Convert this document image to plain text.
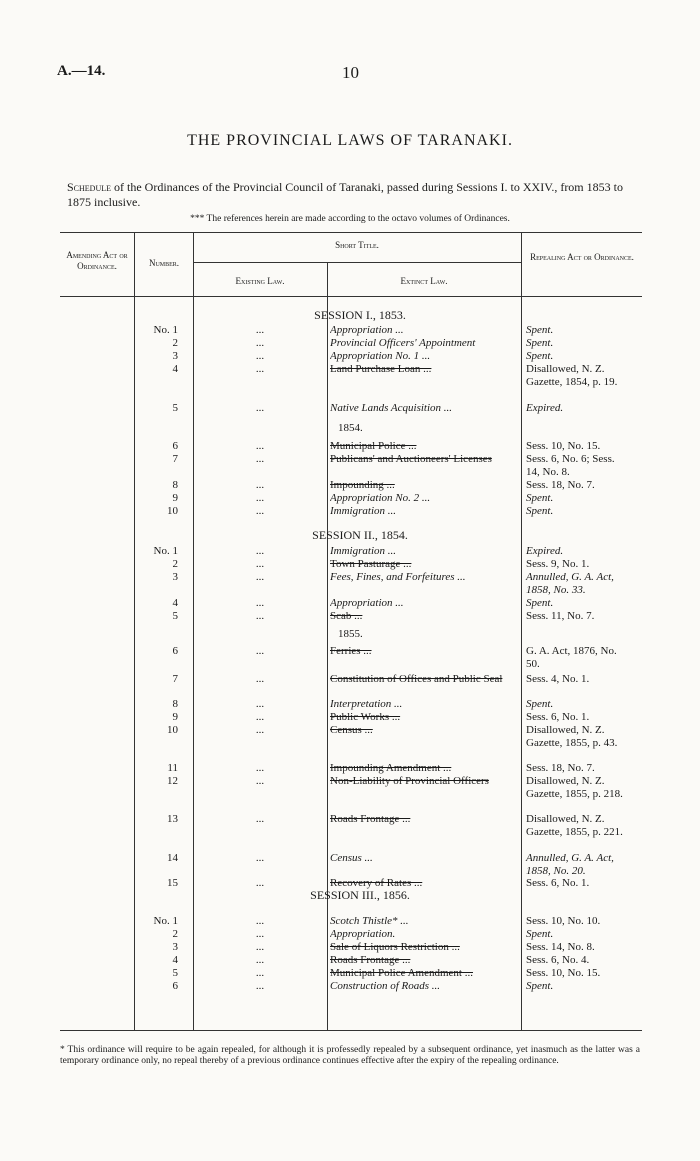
A.—14.	10
THE PROVINCIAL LAWS OF TARANAKI.
Schedule of the Ordinances of the Provincial Council of Taranaki, passed during Sessions I. to XXIV., from 1853 to 1875 inclusive.
*** The references herein are made according to the octavo volumes of Ordinances.
Amending Act or Ordinance.	Number.
Short Title.
Existing Law.	Extinct Law.
Repealing Act or Ordinance.
SESSION I., 1853.
SESSION II., 1854.
SESSION III., 1856.
1854.
1855.
No. 1	...	Appropriation ...	Spent.
2	...	Provincial Officers' Appointment	Spent.
3	...	Appropriation No. 1 ...	Spent.
4	...	Land Purchase Loan ...	Disallowed, N. Z. Gazette, 1854, p. 19.
5	...	Native Lands Acquisition ...	Expired.
6	...	Municipal Police ...	Sess. 10, No. 15.
7	...	Publicans' and Auctioneers' Licenses	Sess. 6, No. 6; Sess. 14, No. 8.
8	...	Impounding ...	Sess. 18, No. 7.
9	...	Appropriation No. 2 ...	Spent.
10	...	Immigration ...	Spent.
No. 1	...	Immigration ...	Expired.
2	...	Town Pasturage ...	Sess. 9, No. 1.
3	...	Fees, Fines, and Forfeitures ...	Annulled, G. A. Act, 1858, No. 33.
4	...	Appropriation ...	Spent.
5	...	Scab ...	Sess. 11, No. 7.
6	...	Ferries ...	G. A. Act, 1876, No. 50.
7	...	Constitution of Offices and Public Seal	Sess. 4, No. 1.
8	...	Interpretation ...	Spent.
9	...	Public Works ...	Sess. 6, No. 1.
10	...	Census ...	Disallowed, N. Z. Gazette, 1855, p. 43.
11	...	Impounding Amendment ...	Sess. 18, No. 7.
12	...	Non-Liability of Provincial Officers	Disallowed, N. Z. Gazette, 1855, p. 218.
13	...	Roads Frontage ...	Disallowed, N. Z. Gazette, 1855, p. 221.
14	...	Census ...	Annulled, G. A. Act, 1858, No. 20.
15	...	Recovery of Rates ...	Sess. 6, No. 1.
No. 1	...	Scotch Thistle* ...	Sess. 10, No. 10.
2	...	Appropriation.	Spent.
3	...	Sale of Liquors Restriction ...	Sess. 14, No. 8.
4	...	Roads Frontage ...	Sess. 6, No. 4.
5	...	Municipal Police Amendment ...	Sess. 10, No. 15.
6	...	Construction of Roads ...	Spent.
* This ordinance will require to be again repealed, for although it is professedly repealed by a subsequent ordinance, yet inasmuch as the latter was a temporary ordinance only, no repeal thereby of a previous ordinance continues effective after the expiry of the repealing ordinance.
